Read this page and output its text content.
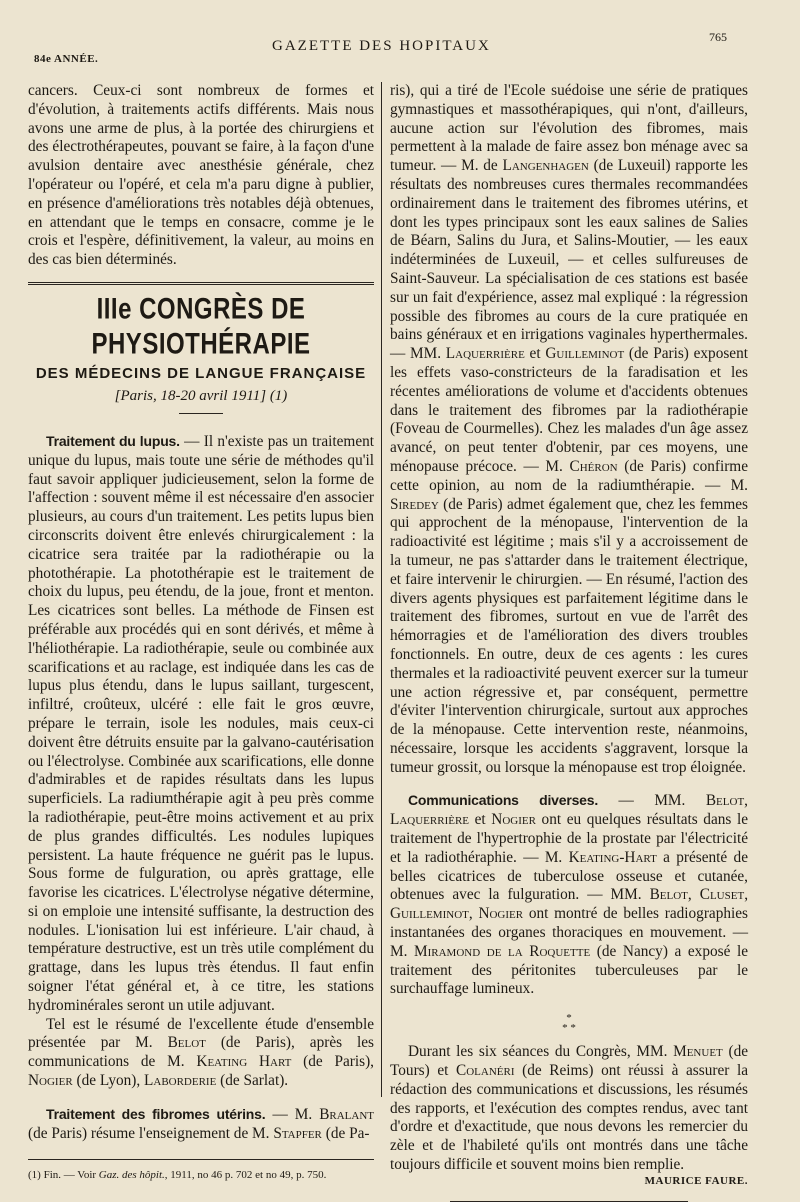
84e ANNÉE.
GAZETTE DES HOPITAUX
765

cancers. Ceux-ci sont nombreux de formes et d'évolution, à traitements actifs différents. Mais nous avons une arme de plus, à la portée des chirurgiens et des électrothérapeutes, pouvant se faire, à la façon d'une avulsion dentaire avec anesthésie générale, chez l'opérateur ou l'opéré, et cela m'a paru digne à publier, en présence d'améliorations très notables déjà obtenues, en attendant que le temps en consacre, comme je le crois et l'espère, définitivement, la valeur, au moins en des cas bien déterminés.

IIIe CONGRÈS DE PHYSIOTHÉRAPIE
DES MÉDECINS DE LANGUE FRANÇAISE
[Paris, 18-20 avril 1911] (1)

Traitement du lupus. — Il n'existe pas un traitement unique du lupus, mais toute une série de méthodes qu'il faut savoir appliquer judicieusement, selon la forme de l'affection : souvent même il est nécessaire d'en associer plusieurs, au cours d'un traitement. Les petits lupus bien circonscrits doivent être enlevés chirurgicalement : la cicatrice sera traitée par la radiothérapie ou la photothérapie. La photothérapie est le traitement de choix du lupus, peu étendu, de la joue, front et menton. Les cicatrices sont belles. La méthode de Finsen est préférable aux procédés qui en sont dérivés, et même à l'héliothérapie. La radiothérapie, seule ou combinée aux scarifications et au raclage, est indiquée dans les cas de lupus plus étendu, dans le lupus saillant, turgescent, infiltré, croûteux, ulcéré : elle fait le gros œuvre, prépare le terrain, isole les nodules, mais ceux-ci doivent être détruits ensuite par la galvano-cautérisation ou l'électrolyse. Combinée aux scarifications, elle donne d'admirables et de rapides résultats dans les lupus superficiels. La radiumthérapie agit à peu près comme la radiothérapie, peut-être moins activement et au prix de plus grandes difficultés. Les nodules lupiques persistent. La haute fréquence ne guérit pas le lupus. Sous forme de fulguration, ou après grattage, elle favorise les cicatrices. L'électrolyse négative détermine, si on emploie une intensité suffisante, la destruction des nodules. L'ionisation lui est inférieure. L'air chaud, à température destructive, est un très utile complément du grattage, dans les lupus très étendus. Il faut enfin soigner l'état général et, à ce titre, les stations hydrominérales seront un utile adjuvant.

Tel est le résumé de l'excellente étude d'ensemble présentée par M. Belot (de Paris), après les communications de M. Keating Hart (de Paris), Nogier (de Lyon), Laborderie (de Sarlat).

Traitement des fibromes utérins. — M. Bralant (de Paris) résume l'enseignement de M. Stapfer (de Pa-

(1) Fin. — Voir Gaz. des hôpit., 1911, no 46 p. 702 et no 49, p. 750.

ris), qui a tiré de l'Ecole suédoise une série de pratiques gymnastiques et massothérapiques, qui n'ont, d'ailleurs, aucune action sur l'évolution des fibromes, mais permettent à la malade de faire assez bon ménage avec sa tumeur. — M. de Langenhagen (de Luxeuil) rapporte les résultats des nombreuses cures thermales recommandées ordinairement dans le traitement des fibromes utérins, et dont les types principaux sont les eaux salines de Salies de Béarn, Salins du Jura, et Salins-Moutier, — les eaux indéterminées de Luxeuil, — et celles sulfureuses de Saint-Sauveur. La spécialisation de ces stations est basée sur un fait d'expérience, assez mal expliqué : la régression possible des fibromes au cours de la cure pratiquée en bains généraux et en irrigations vaginales hyperthermales. — MM. Laquerrière et Guilleminot (de Paris) exposent les effets vaso-constricteurs de la faradisation et les récentes améliorations de volume et d'accidents obtenues dans le traitement des fibromes par la radiothérapie (Foveau de Courmelles). Chez les malades d'un âge assez avancé, on peut tenter d'obtenir, par ces moyens, une ménopause précoce. — M. Chéron (de Paris) confirme cette opinion, au nom de la radiumthérapie. — M. Siredey (de Paris) admet également que, chez les femmes qui approchent de la ménopause, l'intervention de la radioactivité est légitime ; mais s'il y a accroissement de la tumeur, ne pas s'attarder dans le traitement électrique, et faire intervenir le chirurgien. — En résumé, l'action des divers agents physiques est parfaitement légitime dans le traitement des fibromes, surtout en vue de l'arrêt des hémorragies et de l'amélioration des divers troubles fonctionnels. En outre, deux de ces agents : les cures thermales et la radioactivité peuvent exercer sur la tumeur une action régressive et, par conséquent, permettre d'éviter l'intervention chirurgicale, surtout aux approches de la ménopause. Cette intervention reste, néanmoins, nécessaire, lorsque les accidents s'aggravent, lorsque la tumeur grossit, ou lorsque la ménopause est trop éloignée.

Communications diverses. — MM. Belot, Laquerrière et Nogier ont eu quelques résultats dans le traitement de l'hypertrophie de la prostate par l'électricité et la radiothéraphie. — M. Keating-Hart a présenté de belles cicatrices de tuberculose osseuse et cutanée, obtenues avec la fulguration. — MM. Belot, Cluset, Guilleminot, Nogier ont montré de belles radiographies instantanées des organes thoraciques en mouvement. — M. Miramond de la Roquette (de Nancy) a exposé le traitement des péritonites tuberculeuses par le surchauffage lumineux.

*
* *

Durant les six séances du Congrès, MM. Menuet (de Tours) et Colanéri (de Reims) ont réussi à assurer la rédaction des communications et discussions, les résumés des rapports, et l'exécution des comptes rendus, avec tant d'ordre et d'exactitude, que nous devons les remercier du zèle et de l'habileté qu'ils ont montrés dans une tâche toujours difficile et souvent moins bien remplie.

MAURICE FAURE.
